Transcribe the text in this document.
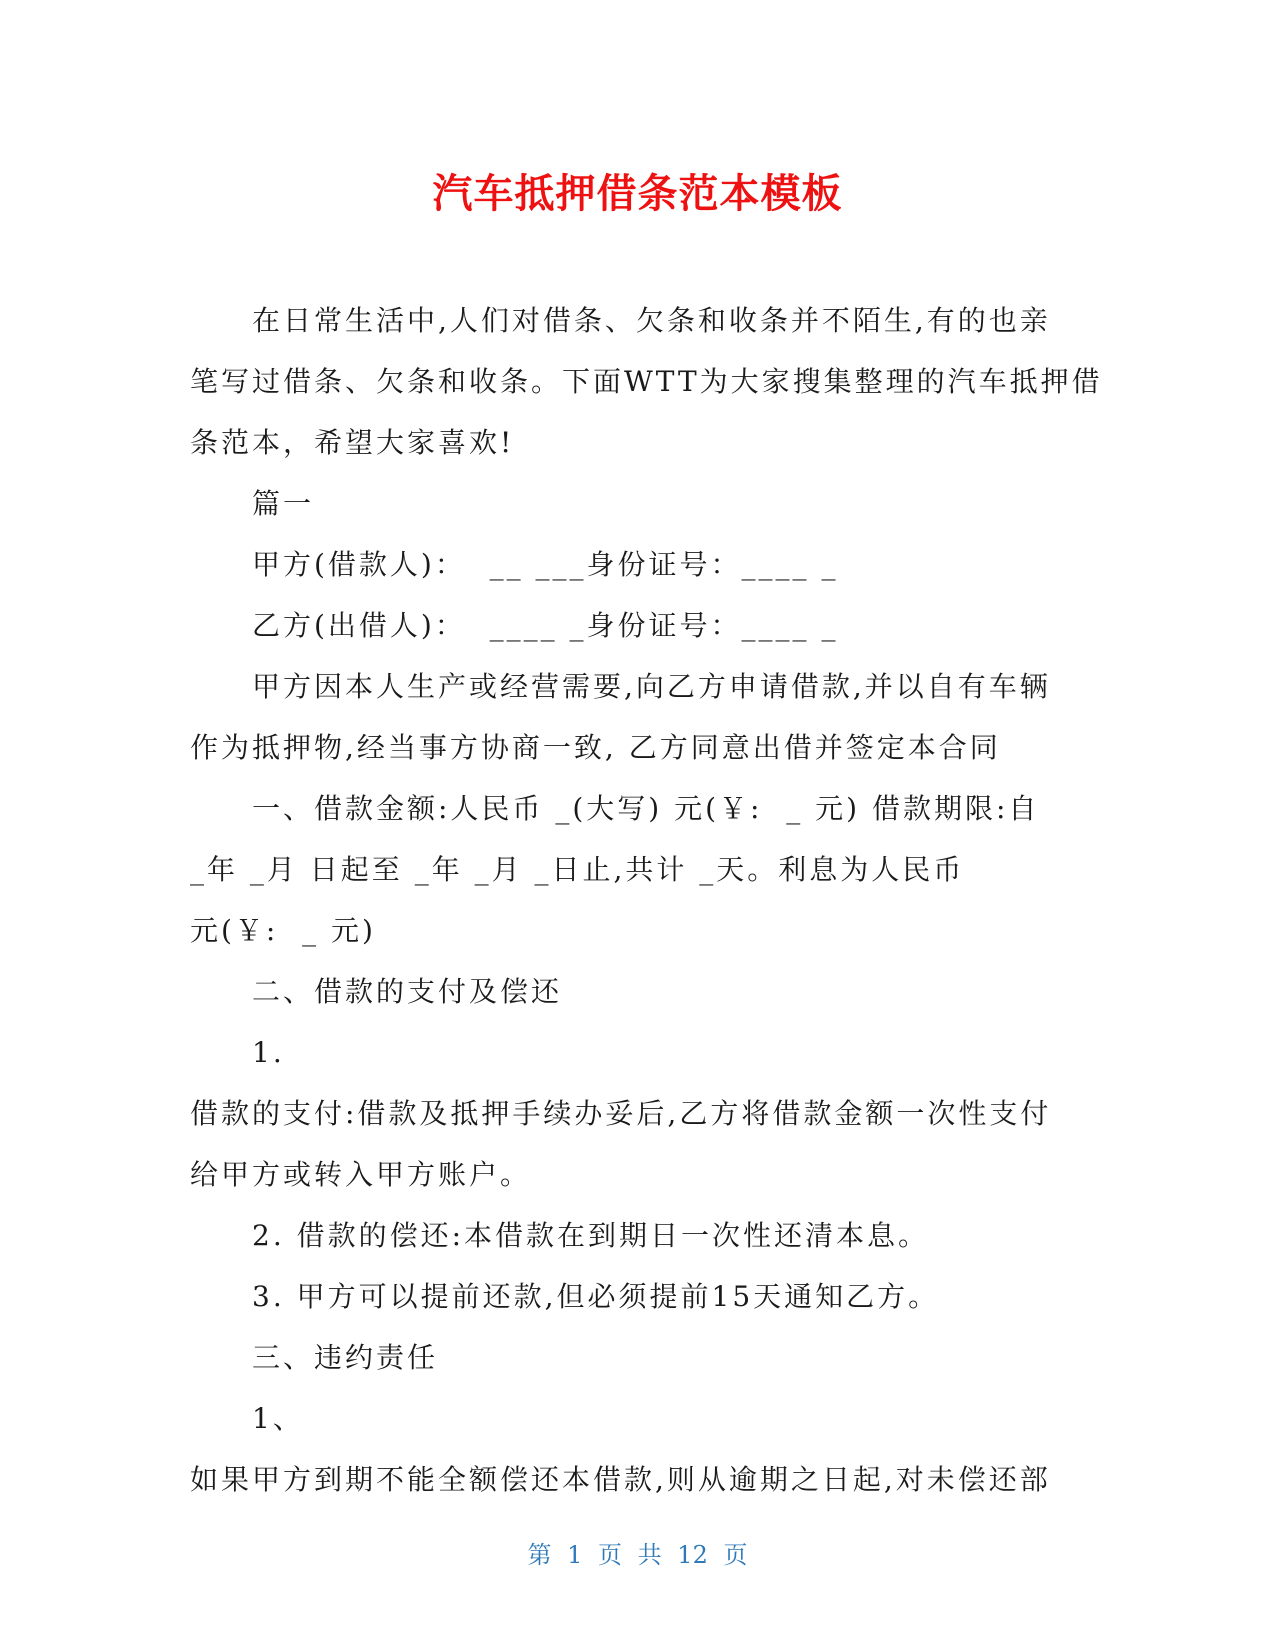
汽车抵押借条范本模板
在日常生活中,人们对借条、欠条和收条并不陌生,有的也亲
笔写过借条、欠条和收条。下面WTT为大家搜集整理的汽车抵押借
条范本，希望大家喜欢!
篇一
甲方(借款人)：  __ ___身份证号：____ _
乙方(出借人)：  ____ _身份证号：____ _
甲方因本人生产或经营需要,向乙方申请借款,并以自有车辆
作为抵押物,经当事方协商一致, 乙方同意出借并签定本合同
一、借款金额:人民币 _(大写) 元(￥:  _ 元) 借款期限:自
_年 _月 日起至 _年 _月 _日止,共计 _天。利息为人民币
元(￥:  _ 元)
二、借款的支付及偿还
1.
借款的支付:借款及抵押手续办妥后,乙方将借款金额一次性支付
给甲方或转入甲方账户。
2. 借款的偿还:本借款在到期日一次性还清本息。
3. 甲方可以提前还款,但必须提前15天通知乙方。
三、违约责任
1、
如果甲方到期不能全额偿还本借款,则从逾期之日起,对未偿还部
第 1 页 共 12 页
